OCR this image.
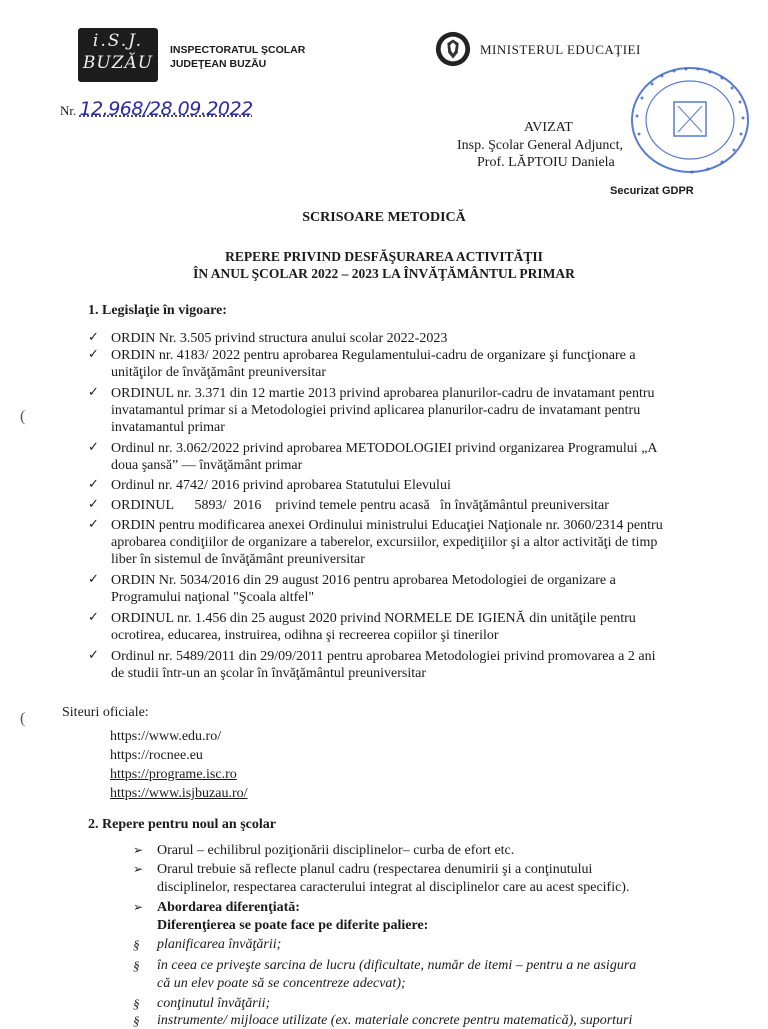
i.S.J.
BUZĂU
INSPECTORATUL ŞCOLAR
JUDEŢEAN BUZĂU
MINISTERUL EDUCAŢIEI
Nr. 12.968/28.09.2022
AVIZAT
Insp. Şcolar General Adjunct,
Prof. LĂPTOIU Daniela
Securizat GDPR
SCRISOARE METODICĂ
REPERE PRIVIND DESFĂŞURAREA ACTIVITĂŢII
ÎN ANUL ŞCOLAR 2022 – 2023 LA ÎNVĂŢĂMÂNTUL PRIMAR
1. Legislaţie în vigoare:
✓ ORDIN Nr. 3.505 privind structura anului scolar 2022-2023
✓ ORDIN nr. 4183/ 2022 pentru aprobarea Regulamentului-cadru de organizare şi funcţionare a
unităţilor de învăţământ preuniversitar
✓ ORDINUL nr. 3.371 din 12 martie 2013 privind aprobarea planurilor-cadru de invatamant pentru
invatamantul primar si a Metodologiei privind aplicarea planurilor-cadru de invatamant pentru
invatamantul primar
(
✓ Ordinul nr. 3.062/2022 privind aprobarea METODOLOGIEI privind organizarea Programului „A
doua şansă” — învăţământ primar
✓ Ordinul nr. 4742/ 2016 privind aprobarea Statutului Elevului
✓ ORDINUL      5893/  2016    privind temele pentru acasă   în învăţământul preuniversitar
✓ ORDIN pentru modificarea anexei Ordinului ministrului Educaţiei Naţionale nr. 3060/2314 pentru
aprobarea condiţiilor de organizare a taberelor, excursiilor, expediţiilor şi a altor activităţi de timp
liber în sistemul de învăţământ preuniversitar
✓ ORDIN Nr. 5034/2016 din 29 august 2016 pentru aprobarea Metodologiei de organizare a
Programului naţional "Şcoala altfel"
✓ ORDINUL nr. 1.456 din 25 august 2020 privind NORMELE DE IGIENĂ din unităţile pentru
ocrotirea, educarea, instruirea, odihna şi recreerea copiilor şi tinerilor
✓ Ordinul nr. 5489/2011 din 29/09/2011 pentru aprobarea Metodologiei privind promovarea a 2 ani
de studii într-un an şcolar în învăţământul preuniversitar
(	Siteuri oficiale:
https://www.edu.ro/
https://rocnee.eu
https://programe.isc.ro
https://www.isjbuzau.ro/
2. Repere pentru noul an şcolar
➢ Orarul – echilibrul poziţionării disciplinelor– curba de efort etc.
➢ Orarul trebuie să reflecte planul cadru (respectarea denumirii şi a conţinutului
disciplinelor, respectarea caracterului integrat al disciplinelor care au acest specific).
➢ Abordarea diferenţiată:
Diferenţierea se poate face pe diferite paliere:
§ planificarea învăţării;
§ în ceea ce priveşte sarcina de lucru (dificultate, număr de itemi – pentru a ne asigura
că un elev poate să se concentreze adecvat);
§ conţinutul învăţării;
§ instrumente/ mijloace utilizate (ex. materiale concrete pentru matematică), suporturi
